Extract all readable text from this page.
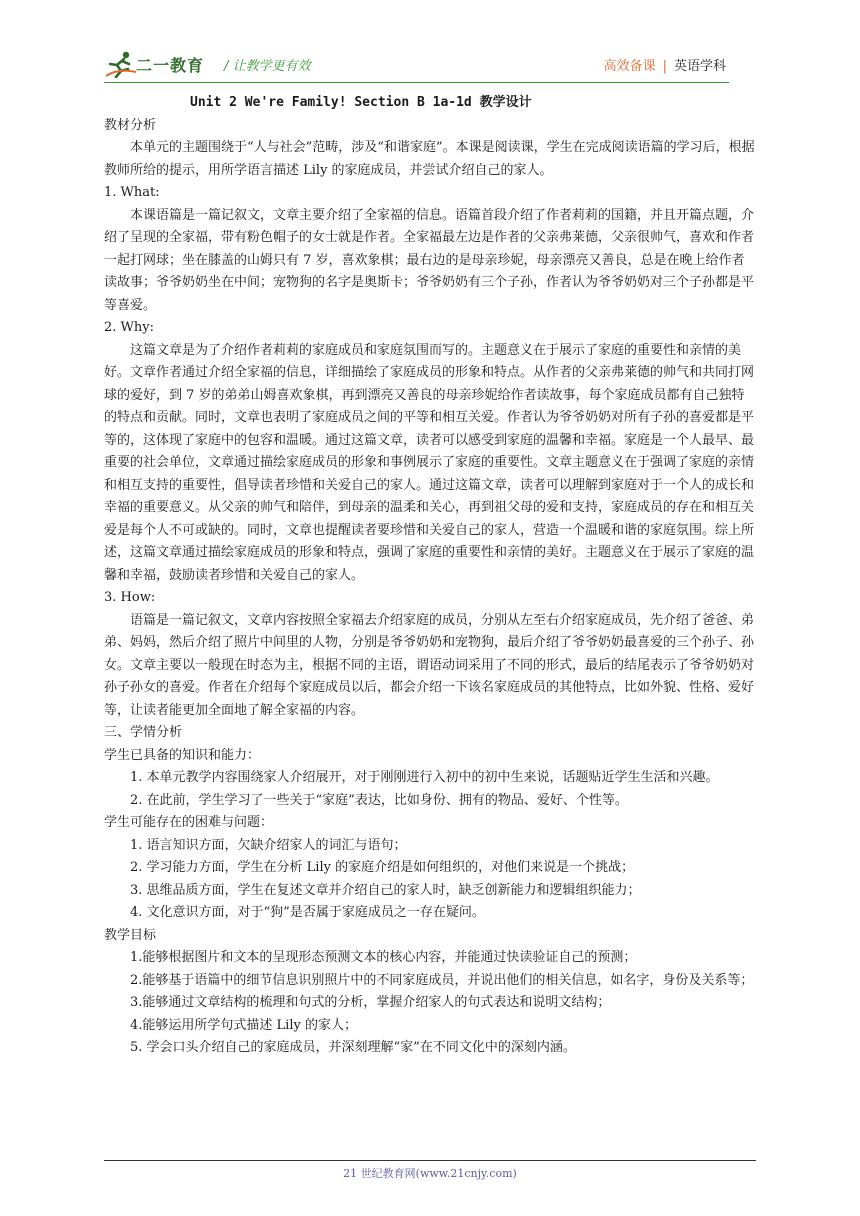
二一教育 / 让教学更有效	高效备课 | 英语学科

Unit 2 We're Family! Section B 1a-1d 教学设计

教材分析

本单元的主题围绕于“人与社会”范畴，涉及“和谐家庭”。本课是阅读课，学生在完成阅读语篇的学习后，根据教师所给的提示，用所学语言描述 Lily 的家庭成员，并尝试介绍自己的家人。

1. What:

本课语篇是一篇记叙文，文章主要介绍了全家福的信息。语篇首段介绍了作者莉莉的国籍，并且开篇点题，介绍了呈现的全家福，带有粉色帽子的女士就是作者。全家福最左边是作者的父亲弗莱德，父亲很帅气，喜欢和作者一起打网球；坐在膝盖的山姆只有 7 岁，喜欢象棋；最右边的是母亲珍妮，母亲漂亮又善良，总是在晚上给作者读故事；爷爷奶奶坐在中间；宠物狗的名字是奥斯卡；爷爷奶奶有三个子孙，作者认为爷爷奶奶对三个子孙都是平等喜爱。

2. Why:

这篇文章是为了介绍作者莉莉的家庭成员和家庭氛围而写的。主题意义在于展示了家庭的重要性和亲情的美好。文章作者通过介绍全家福的信息，详细描绘了家庭成员的形象和特点。从作者的父亲弗莱德的帅气和共同打网球的爱好，到 7 岁的弟弟山姆喜欢象棋，再到漂亮又善良的母亲珍妮给作者读故事，每个家庭成员都有自己独特的特点和贡献。同时，文章也表明了家庭成员之间的平等和相互关爱。作者认为爷爷奶奶对所有子孙的喜爱都是平等的，这体现了家庭中的包容和温暖。通过这篇文章，读者可以感受到家庭的温馨和幸福。家庭是一个人最早、最重要的社会单位，文章通过描绘家庭成员的形象和事例展示了家庭的重要性。文章主题意义在于强调了家庭的亲情和相互支持的重要性，倡导读者珍惜和关爱自己的家人。通过这篇文章，读者可以理解到家庭对于一个人的成长和幸福的重要意义。从父亲的帅气和陪伴，到母亲的温柔和关心，再到祖父母的爱和支持，家庭成员的存在和相互关爱是每个人不可或缺的。同时，文章也提醒读者要珍惜和关爱自己的家人，营造一个温暖和谐的家庭氛围。综上所述，这篇文章通过描绘家庭成员的形象和特点，强调了家庭的重要性和亲情的美好。主题意义在于展示了家庭的温馨和幸福，鼓励读者珍惜和关爱自己的家人。

3. How:

语篇是一篇记叙文，文章内容按照全家福去介绍家庭的成员，分别从左至右介绍家庭成员，先介绍了爸爸、弟弟、妈妈，然后介绍了照片中间里的人物，分别是爷爷奶奶和宠物狗，最后介绍了爷爷奶奶最喜爱的三个孙子、孙女。文章主要以一般现在时态为主，根据不同的主语，谓语动词采用了不同的形式，最后的结尾表示了爷爷奶奶对孙子孙女的喜爱。作者在介绍每个家庭成员以后，都会介绍一下该名家庭成员的其他特点，比如外貌、性格、爱好等，让读者能更加全面地了解全家福的内容。

三、学情分析

学生已具备的知识和能力：

1. 本单元教学内容围绕家人介绍展开，对于刚刚进行入初中的初中生来说，话题贴近学生生活和兴趣。

2. 在此前，学生学习了一些关于“家庭”表达，比如身份、拥有的物品、爱好、个性等。

学生可能存在的困难与问题：

1. 语言知识方面，欠缺介绍家人的词汇与语句；

2. 学习能力方面，学生在分析 Lily 的家庭介绍是如何组织的，对他们来说是一个挑战；

3. 思维品质方面，学生在复述文章并介绍自己的家人时，缺乏创新能力和逻辑组织能力；

4. 文化意识方面，对于“狗”是否属于家庭成员之一存在疑问。

教学目标

1.能够根据图片和文本的呈现形态预测文本的核心内容，并能通过快读验证自己的预测；

2.能够基于语篇中的细节信息识别照片中的不同家庭成员，并说出他们的相关信息，如名字，身份及关系等；

3.能够通过文章结构的梳理和句式的分析，掌握介绍家人的句式表达和说明文结构；

4.能够运用所学句式描述 Lily 的家人；

5. 学会口头介绍自己的家庭成员，并深刻理解“家”在不同文化中的深刻内涵。

21 世纪教育网(www.21cnjy.com)
